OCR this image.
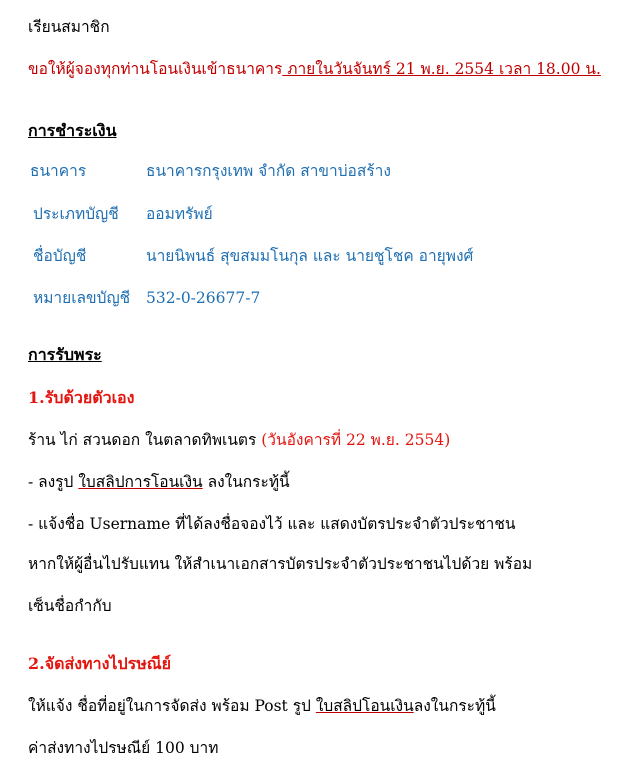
เรียนสมาชิก
ขอให้ผู้จองทุกท่านโอนเงินเข้าธนาคาร ภายในวันจันทร์ 21 พ.ย. 2554 เวลา 18.00 น.
การชำระเงิน
ธนาคาร	ธนาคารกรุงเทพ จำกัด สาขาบ่อสร้าง
ประเภทบัญชี ออมทรัพย์
ชื่อบัญชี	นายนิพนธ์ สุขสมมโนกุล และ นายชูโชค อายุพงศ์
หมายเลขบัญชี 532-0-26677-7
การรับพระ
1.รับด้วยตัวเอง
ร้าน ไก่ สวนดอก ในตลาดทิพเนตร (วันอังคารที่ 22 พ.ย. 2554)
- ลงรูป ใบสลิปการโอนเงิน ลงในกระทู้นี้
- แจ้งชื่อ Username ที่ได้ลงชื่อจองไว้ และ แสดงบัตรประจำตัวประชาชน
หากให้ผู้อื่นไปรับแทน ให้สำเนาเอกสารบัตรประจำตัวประชาชนไปด้วย พร้อม
เซ็นชื่อกำกับ
2.จัดส่งทางไปรษณีย์
ให้แจ้ง ชื่อที่อยู่ในการจัดส่ง พร้อม Post รูป ใบสลิปโอนเงินลงในกระทู้นี้
ค่าส่งทางไปรษณีย์ 100 บาท
